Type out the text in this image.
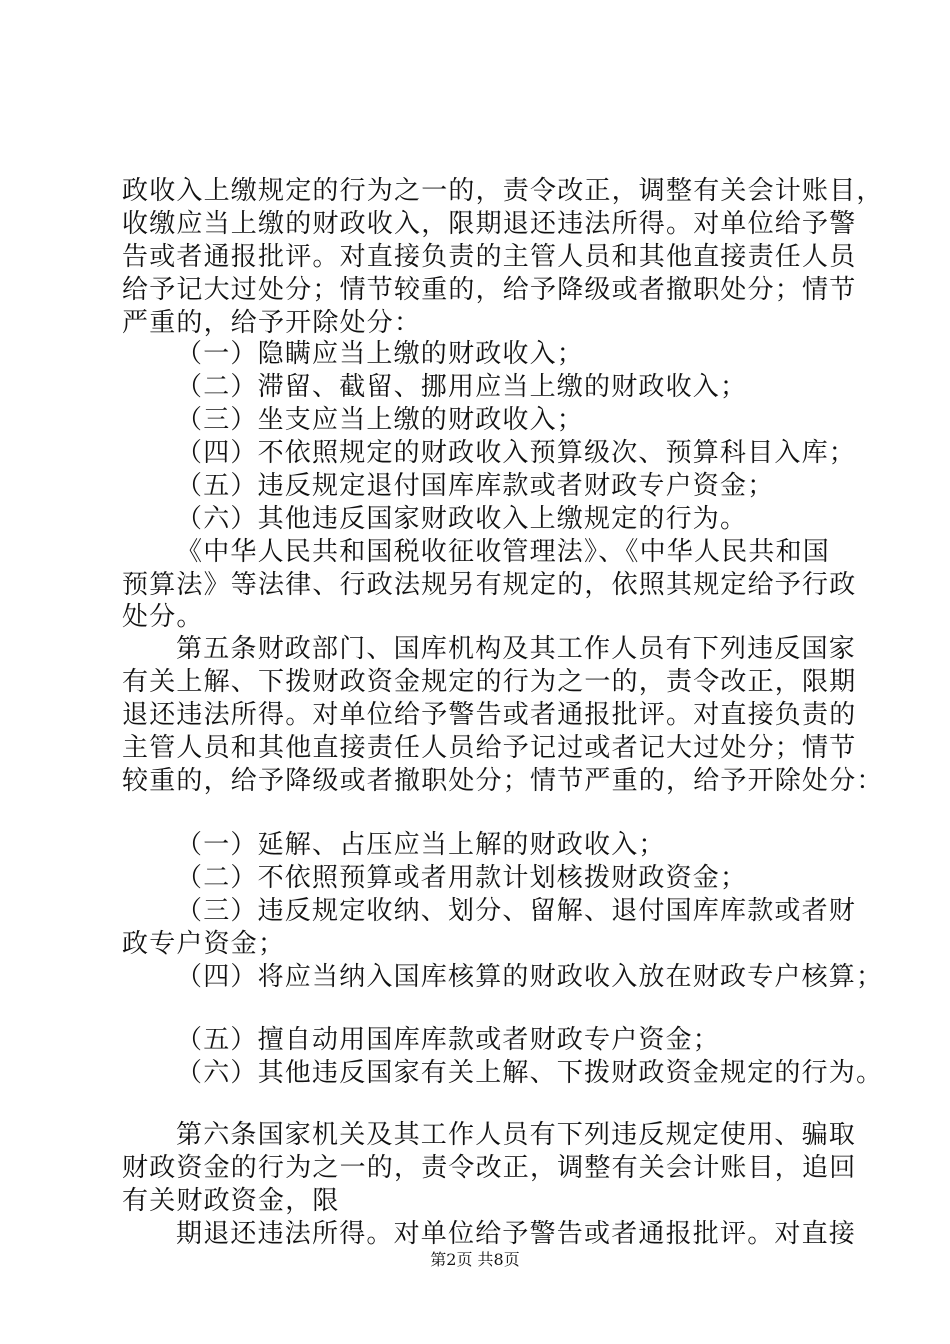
政收入上缴规定的行为之一的，责令改正，调整有关会计账目，
收缴应当上缴的财政收入，限期退还违法所得。对单位给予警
告或者通报批评。对直接负责的主管人员和其他直接责任人员
给予记大过处分；情节较重的，给予降级或者撤职处分；情节
严重的，给予开除处分：
（一）隐瞒应当上缴的财政收入；
（二）滞留、截留、挪用应当上缴的财政收入；
（三）坐支应当上缴的财政收入；
（四）不依照规定的财政收入预算级次、预算科目入库；
（五）违反规定退付国库库款或者财政专户资金；
（六）其他违反国家财政收入上缴规定的行为。
《中华人民共和国税收征收管理法》、《中华人民共和国
预算法》等法律、行政法规另有规定的，依照其规定给予行政
处分。
第五条财政部门、国库机构及其工作人员有下列违反国家
有关上解、下拨财政资金规定的行为之一的，责令改正，限期
退还违法所得。对单位给予警告或者通报批评。对直接负责的
主管人员和其他直接责任人员给予记过或者记大过处分；情节
较重的，给予降级或者撤职处分；情节严重的，给予开除处分：
（一）延解、占压应当上解的财政收入；
（二）不依照预算或者用款计划核拨财政资金；
（三）违反规定收纳、划分、留解、退付国库库款或者财
政专户资金；
（四）将应当纳入国库核算的财政收入放在财政专户核算；
（五）擅自动用国库库款或者财政专户资金；
（六）其他违反国家有关上解、下拨财政资金规定的行为。
第六条国家机关及其工作人员有下列违反规定使用、骗取
财政资金的行为之一的，责令改正，调整有关会计账目，追回
有关财政资金，限
期退还违法所得。对单位给予警告或者通报批评。对直接
第2页 共8页
